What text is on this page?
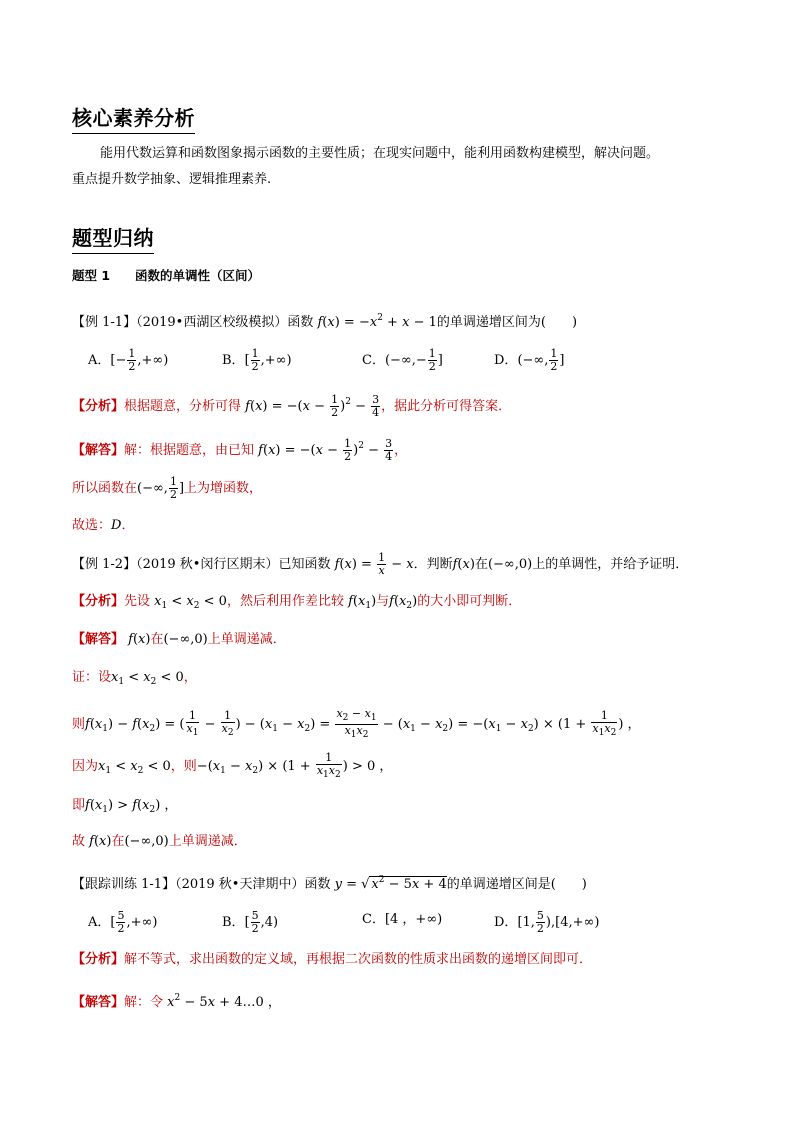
核心素养分析
能用代数运算和函数图象揭示函数的主要性质；在现实问题中，能利用函数构建模型，解决问题。
重点提升数学抽象、逻辑推理素养.
题型归纳
题型 1　　函数的单调性（区间）
【例 1-1】（2019•西湖区校级模拟）函数 $f(x) = -x^2 + x - 1$的单调递增区间为(　　)
A．[− $\frac{1}{2}$ ,+∞)	B．[ $\frac{1}{2}$ ,+∞)	C．(−∞,− $\frac{1}{2}$ ]	D．(−∞, $\frac{1}{2}$ ]
【分析】根据题意，分析可得 $f(x) = -(x - \frac{1}{2} )^2 - \frac{3}{4}$ ，据此分析可得答案．
【解答】解：根据题意，由已知 $f(x) = -(x - \frac{1}{2} )^2 - \frac{3}{4}$ ，
所以函数在(−∞, $\frac{1}{2}$ ]上为增函数，
故选：D．
【例 1-2】（2019 秋•闵行区期末）已知函数 $f(x) = \frac{1}{x} - x$．判断f(x)在(−∞,0)上的单调性，并给予证明．
【分析】先设 $x_1 < x_2 < 0$，然后利用作差比较 $f(x_1)$与$f(x_2)$的大小即可判断．
【解答】 f(x)在(−∞,0)上单调递减．
证：设$x_1 < x_2 < 0$，
则$f(x_1) - f(x_2)$ = ( $\frac{1}{x_1} - \frac{1}{x_2}$ ) − $(x_1 - x_2) = \frac{x_2 - x_1}{x_1x_2} - (x_1 - x_2) = -(x_1 - x_2) \times (1 + \frac{1}{x_1x_2}$ ) ，
因为$x_1 < x_2 < 0$，则$-(x_1 - x_2) \times (1 + \frac{1}{x_1x_2}$ ) > 0 ，
即$f(x_1) > f(x_2)$ ，
故 f(x)在(−∞,0)上单调递减．
【跟踪训练 1-1】（2019 秋•天津期中）函数 y = √ $x^2 - 5x + 4$的单调递增区间是(　　)
A．[ $\frac{5}{2}$ ,+∞)	B．[ $\frac{5}{2} ,4$)	C．[4 ，+∞)	D．[1, $\frac{5}{2} ),[4,+\infty)$
【分析】解不等式，求出函数的定义域，再根据二次函数的性质求出函数的递增区间即可．
【解答】解：令 $x^2 - 5x$ + 4…0 ，
